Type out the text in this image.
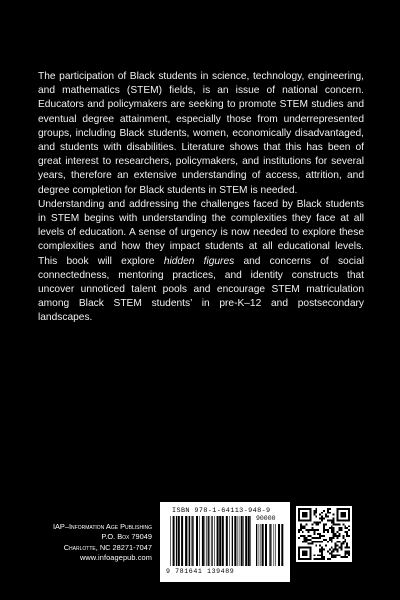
The participation of Black students in science, technology, engineering, and mathematics (STEM) fields, is an issue of national concern. Educators and policymakers are seeking to promote STEM studies and eventual degree attainment, especially those from underrepresented groups, including Black students, women, economically disadvantaged, and students with disabilities. Literature shows that this has been of great interest to researchers, policymakers, and institutions for several years, therefore an extensive understanding of access, attrition, and degree completion for Black students in STEM is needed.

Understanding and addressing the challenges faced by Black students in STEM begins with understanding the complexities they face at all levels of education. A sense of urgency is now needed to explore these complexities and how they impact students at all educational levels. This book will explore hidden figures and concerns of social connectedness, mentoring practices, and identity constructs that uncover unnoticed talent pools and encourage STEM matriculation among Black STEM students’ in pre-K–12 and postsecondary landscapes.

IAP–Information Age Publishing
P.O. Box 79049
Charlotte, NC 28271-7047
www.infoagepub.com
ISBN 978-1-64113-948-9
90000
9 781641 139489
